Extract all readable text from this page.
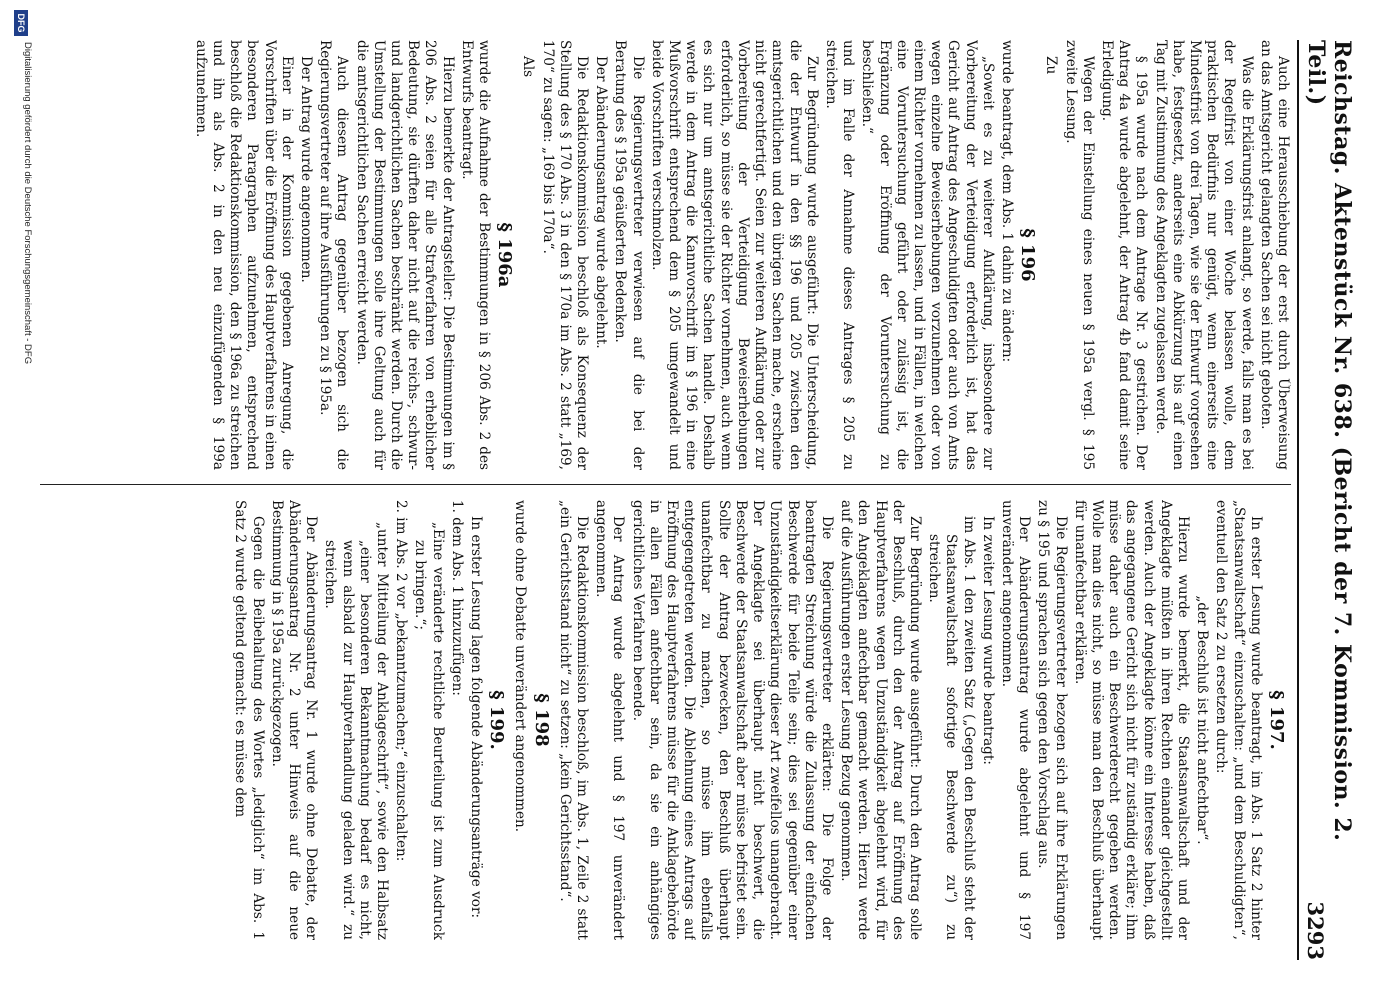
Reichstag. Aktenstück Nr. 638. (Bericht der 7. Kommission. 2. Teil.)
3293

Auch eine Herausschiebung der erst durch Überweisung an das Amtsgericht gelangten Sachen sei nicht geboten.

Was die Erklärungsfrist anlangt, so werde, falls man es bei der Regelfrist von einer Woche belassen wolle, dem praktischen Bedürfnis nur genügt, wenn einerseits eine Mindestfrist von drei Tagen, wie sie der Entwurf vorgesehen habe, festgesetzt, anderseits eine Abkürzung bis auf einen Tag mit Zustimmung des Angeklagten zugelassen werde.

§ 195a wurde nach dem Antrage Nr. 3 gestrichen. Der Antrag 4a wurde abgelehnt, der Antrag 4b fand damit seine Erledigung.

Wegen der Einstellung eines neuen § 195a vergl. § 195 zweite Lesung.

Zu

§ 196

wurde beantragt, dem Abs. 1 dahin zu ändern:

„Soweit es zu weiterer Aufklärung, insbesondere zur Vorbereitung der Verteidigung erforderlich ist, hat das Gericht auf Antrag des Angeschuldigten oder auch von Amts wegen einzelne Beweiserhebungen vorzunehmen oder von einem Richter vornehmen zu lassen, und in Fällen, in welchen eine Voruntersuchung geführt oder zulässig ist, die Ergänzung oder Eröffnung der Voruntersuchung zu beschließen.“

und im Falle der Annahme dieses Antrages § 205 zu streichen.

Zur Begründung wurde ausgeführt: Die Unterscheidung, die der Entwurf in den §§ 196 und 205 zwischen den amtsgerichtlichen und den übrigen Sachen mache, erscheine nicht gerechtfertigt. Seien zur weiteren Aufklärung oder zur Vorbereitung der Verteidigung Beweiserhebungen erforderlich, so müsse sie der Richter vornehmen, auch wenn es sich nur um amtsgerichtliche Sachen handle. Deshalb werde in dem Antrag die Kannvorschrift im § 196 in eine Mußvorschrift entsprechend dem § 205 umgewandelt und beide Vorschriften verschmolzen.

Die Regierungsvertreter verwiesen auf die bei der Beratung des § 195a geäußerten Bedenken.

Der Abänderungsantrag wurde abgelehnt.

Die Redaktionskommission beschloß als Konsequenz der Stellung des § 170 Abs. 3 in den § 170a im Abs. 2 statt „169, 170“ zu sagen: „169 bis 170a“.

Als

§ 196a

wurde die Aufnahme der Bestimmungen in § 206 Abs. 2 des Entwurfs beantragt.

Hierzu bemerkte der Antragsteller: Die Bestimmungen im § 206 Abs. 2 seien für alle Strafverfahren von erheblicher Bedeutung, sie dürften daher nicht auf die reichs-, schwur- und landgerichtlichen Sachen beschränkt werden. Durch die Umstellung der Bestimmungen solle ihre Geltung auch für die amtsgerichtlichen Sachen erreicht werden.

Auch diesem Antrag gegenüber bezogen sich die Regierungsvertreter auf ihre Ausführungen zu § 195a.

Der Antrag wurde angenommen.

Einer in der Kommission gegebenen Anregung, die Vorschriften über die Eröffnung des Hauptverfahrens in einen besonderen Paragraphen aufzunehmen, entsprechend beschloß die Redaktionskommission, den § 196a zu streichen und ihn als Abs. 2 in den neu einzufügenden § 199a aufzunehmen.

§ 197.

In erster Lesung wurde beantragt, im Abs. 1 Satz 2 hinter „Staatsanwaltschaft“ einzuschalten: „und dem Beschuldigten“, eventuell den Satz 2 zu ersetzen durch:

„der Beschluß ist nicht anfechtbar“.

Hierzu wurde bemerkt, die Staatsanwaltschaft und der Angeklagte müßten in ihren Rechten einander gleichgestellt werden. Auch der Angeklagte könne ein Interesse haben, daß das angegangene Gericht sich nicht für zuständig erkläre; ihm müsse daher auch ein Beschwerderecht gegeben werden. Wolle man dies nicht, so müsse man den Beschluß überhaupt für unanfechtbar erklären.

Die Regierungsvertreter bezogen sich auf ihre Erklärungen zu § 195 und sprachen sich gegen den Vorschlag aus.

Der Abänderungsantrag wurde abgelehnt und § 197 unverändert angenommen.

In zweiter Lesung wurde beantragt:

im Abs. 1 den zweiten Satz („Gegen den Beschluß steht der Staatsanwaltschaft sofortige Beschwerde zu“) zu streichen.

Zur Begründung wurde ausgeführt: Durch den Antrag solle der Beschluß, durch den der Antrag auf Eröffnung des Hauptverfahrens wegen Unzuständigkeit abgelehnt wird, für den Angeklagten anfechtbar gemacht werden. Hierzu werde auf die Ausführungen erster Lesung Bezug genommen.

Die Regierungsvertreter erklärten: Die Folge der beantragten Streichung würde die Zulassung der einfachen Beschwerde für beide Teile sein; dies sei gegenüber einer Unzuständigkeitserklärung dieser Art zweifellos unangebracht. Der Angeklagte sei überhaupt nicht beschwert, die Beschwerde der Staatsanwaltschaft aber müsse befristet sein. Sollte der Antrag bezwecken, den Beschluß überhaupt unanfechtbar zu machen, so müsse ihm ebenfalls entgegengetreten werden. Die Ablehnung eines Antrags auf Eröffnung des Hauptverfahrens müsse für die Anklagebehörde in allen Fällen anfechtbar sein, da sie ein anhängiges gerichtliches Verfahren beende.

Der Antrag wurde abgelehnt und § 197 unverändert angenommen.

Die Redaktionskommission beschloß, im Abs. 1, Zeile 2 statt „ein Gerichtsstand nicht“ zu setzen: „kein Gerichtsstand“.

§ 198

wurde ohne Debatte unverändert angenommen.

§ 199.

In erster Lesung lagen folgende Abänderungsanträge vor:

1. dem Abs. 1 hinzuzufügen:

„Eine veränderte rechtliche Beurteilung ist zum Ausdruck zu bringen.“;

2. im Abs. 2 vor „bekanntzumachen;“ einzuschalten:

„unter Mitteilung der Anklageschrift“, sowie den Halbsatz „einer besonderen Bekanntmachung bedarf es nicht, wenn alsbald zur Hauptverhandlung geladen wird.“ zu streichen.

Der Abänderungsantrag Nr. 1 wurde ohne Debatte, der Abänderungsantrag Nr. 2 unter Hinweis auf die neue Bestimmung in § 195a zurückgezogen.

Gegen die Beibehaltung des Wortes „lediglich“ im Abs. 1 Satz 2 wurde geltend gemacht: es müsse dem

DFG
Digitalisierung gefördert durch die Deutsche Forschungsgemeinschaft - DFG
